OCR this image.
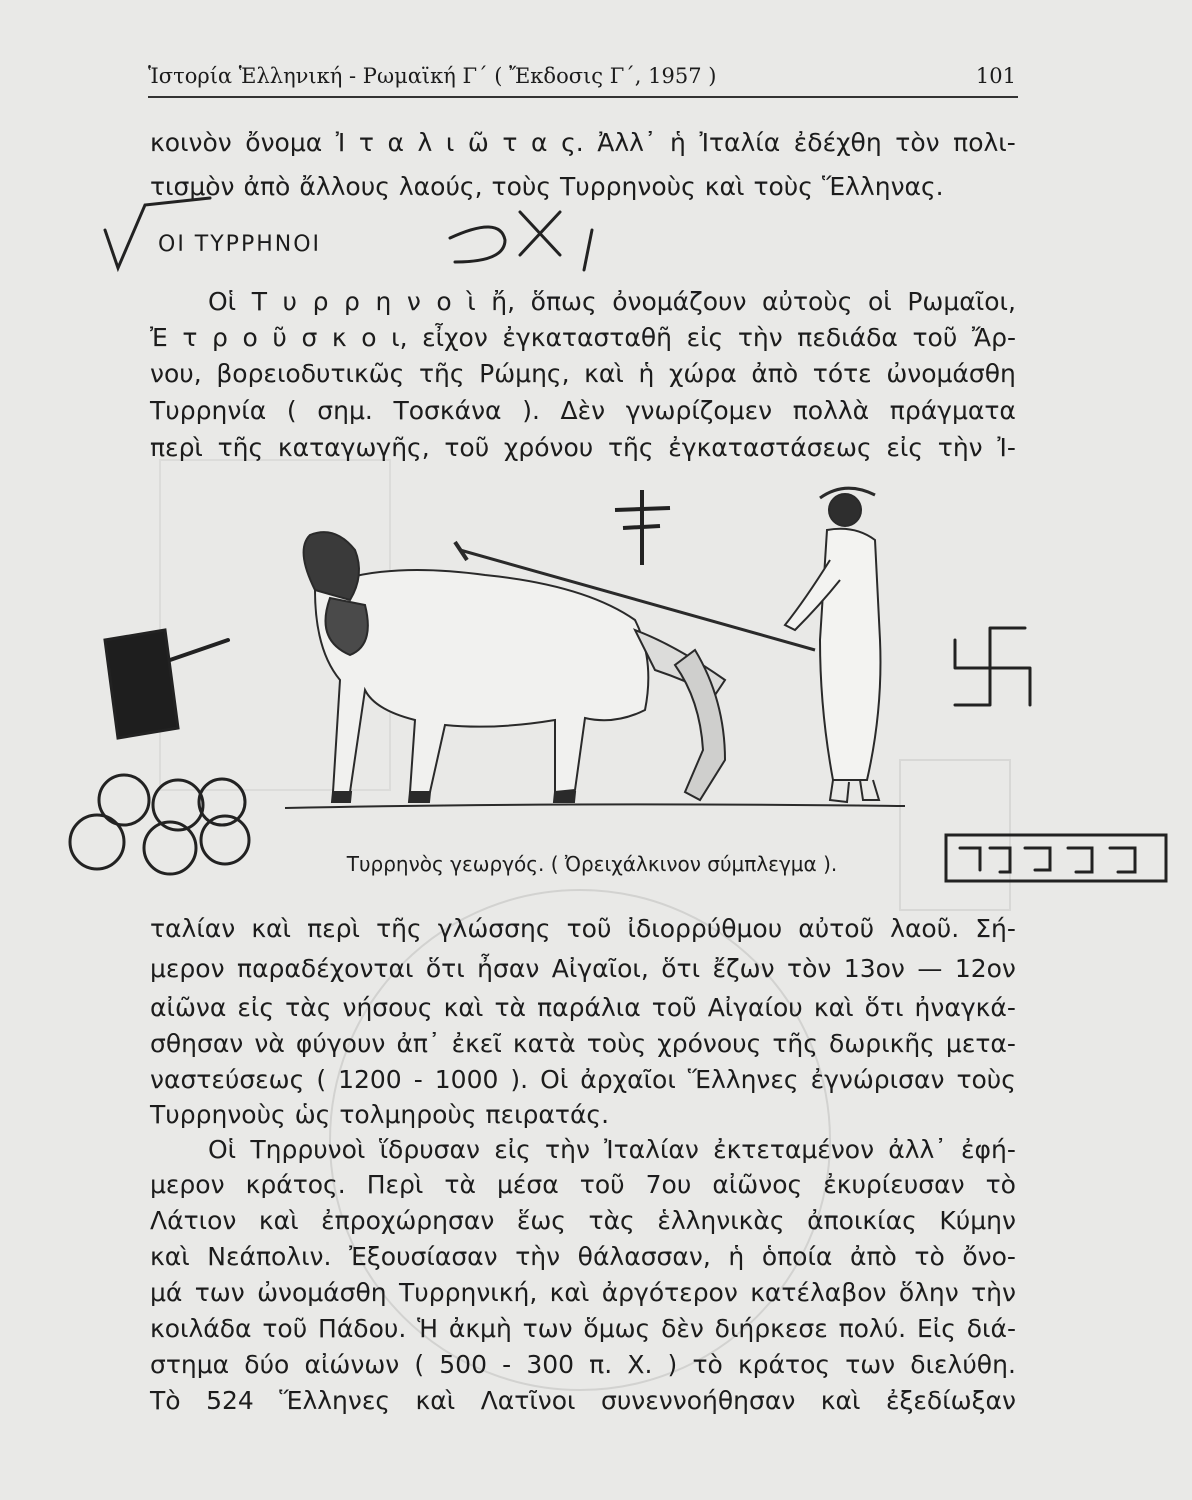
Ἱστορία Ἑλληνική - Ρωμαϊκή Γ΄ ( Ἔκδοσις Γ΄, 1957 )	101
κοινὸν ὄνομα Ἰ τ α λ ι ῶ τ α ς. Ἀλλ᾿ ἡ Ἰταλία ἐδέχθη τὸν πολι-
τισμὸν ἀπὸ ἄλλους λαούς, τοὺς Τυρρηνοὺς καὶ τοὺς Ἕλληνας.
ΟΙ ΤΥΡΡΗΝΟΙ
Οἱ Τ υ ρ ρ η ν ο ὶ ἤ, ὅπως ὀνομάζουν αὐτοὺς οἱ Ρωμαῖοι,
Ἐ τ ρ ο ῦ σ κ ο ι, εἶχον ἐγκατασταθῆ εἰς τὴν πεδιάδα τοῦ Ἄρ-
νου, βορειοδυτικῶς τῆς Ρώμης, καὶ ἡ χώρα ἀπὸ τότε ὠνομάσθη
Τυρρηνία ( σημ. Τοσκάνα ). Δὲν γνωρίζομεν πολλὰ πράγματα
περὶ τῆς καταγωγῆς, τοῦ χρόνου τῆς ἐγκαταστάσεως εἰς τὴν Ἰ-
Τυρρηνὸς γεωργός. ( Ὀρειχάλκινον σύμπλεγμα ).
ταλίαν καὶ περὶ τῆς γλώσσης τοῦ ἰδιορρύθμου αὐτοῦ λαοῦ. Σή-
μερον παραδέχονται ὅτι ἦσαν Αἰγαῖοι, ὅτι ἔζων τὸν 13ον — 12ον
αἰῶνα εἰς τὰς νήσους καὶ τὰ παράλια τοῦ Αἰγαίου καὶ ὅτι ἠναγκά-
σθησαν νὰ φύγουν ἀπ᾿ ἐκεῖ κατὰ τοὺς χρόνους τῆς δωρικῆς μετα-
ναστεύσεως ( 1200 - 1000 ). Οἱ ἀρχαῖοι Ἕλληνες ἐγνώρισαν τοὺς
Τυρρηνοὺς ὡς τολμηροὺς πειρατάς.
Οἱ Τηρρυνοὶ ἵδρυσαν εἰς τὴν Ἰταλίαν ἐκτεταμένον ἀλλ᾿ ἐφή-
μερον κράτος. Περὶ τὰ μέσα τοῦ 7ου αἰῶνος ἐκυρίευσαν τὸ
Λάτιον καὶ ἐπροχώρησαν ἕως τὰς ἑλληνικὰς ἀποικίας Κύμην
καὶ Νεάπολιν. Ἐξουσίασαν τὴν θάλασσαν, ἡ ὁποία ἀπὸ τὸ ὄνο-
μά των ὠνομάσθη Τυρρηνική, καὶ ἀργότερον κατέλαβον ὅλην τὴν
κοιλάδα τοῦ Πάδου. Ἡ ἀκμὴ των ὅμως δὲν διήρκεσε πολύ. Εἰς διά-
στημα δύο αἰώνων ( 500 - 300 π. Χ. ) τὸ κράτος των διελύθη.
Τὸ 524 Ἕλληνες καὶ Λατῖνοι συνεννοήθησαν καὶ ἐξεδίωξαν
